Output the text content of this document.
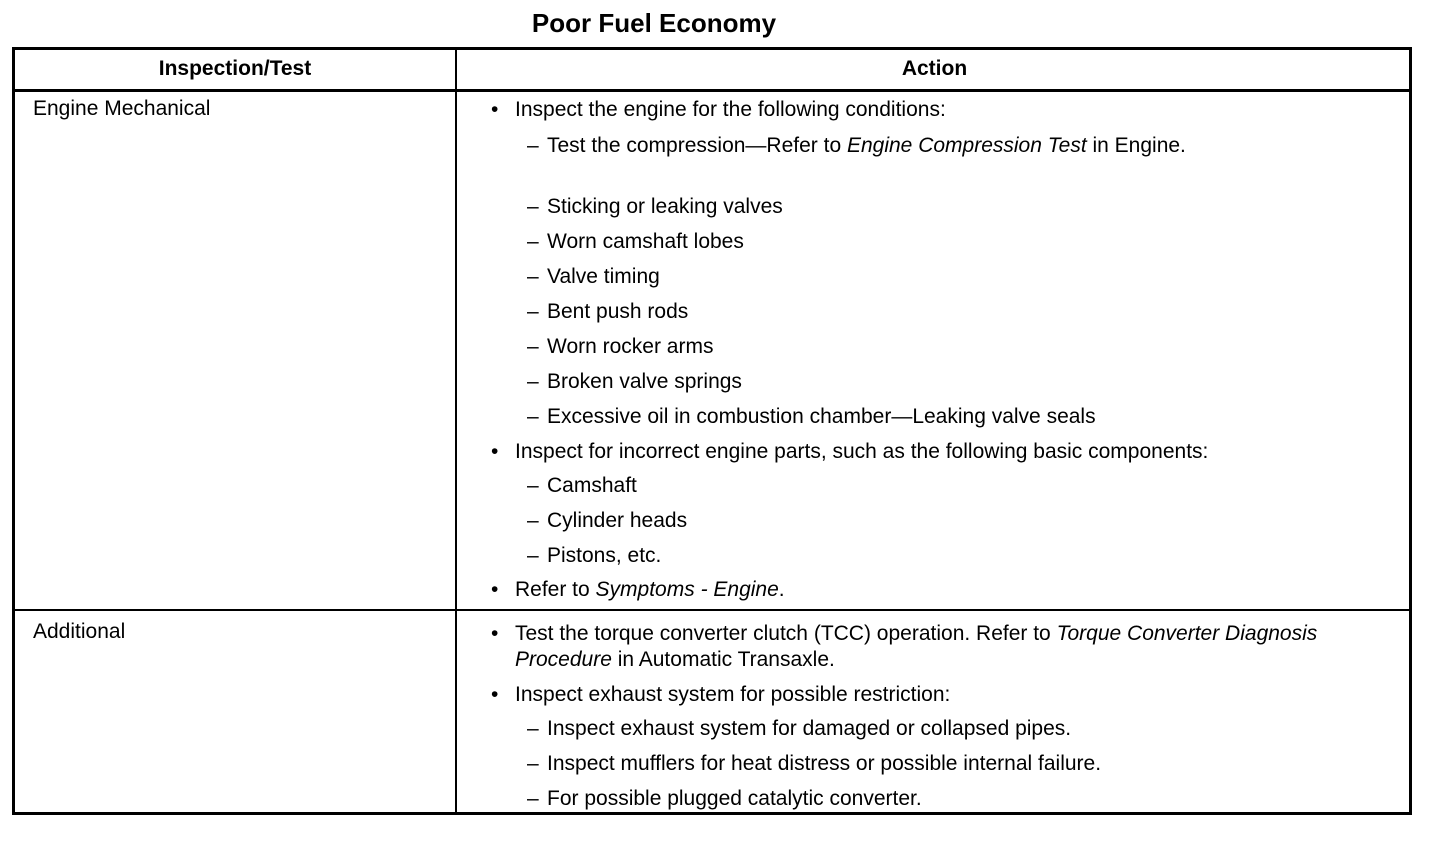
Poor Fuel Economy
Inspection/Test	Action
Engine Mechanical	• Inspect the engine for the following conditions:
– Test the compression—Refer to Engine Compression Test in Engine.
– Sticking or leaking valves
– Worn camshaft lobes
– Valve timing
– Bent push rods
– Worn rocker arms
– Broken valve springs
– Excessive oil in combustion chamber—Leaking valve seals
• Inspect for incorrect engine parts, such as the following basic components:
– Camshaft
– Cylinder heads
– Pistons, etc.
• Refer to Symptoms - Engine.
Additional	• Test the torque converter clutch (TCC) operation. Refer to Torque Converter Diagnosis Procedure in Automatic Transaxle.
• Inspect exhaust system for possible restriction:
– Inspect exhaust system for damaged or collapsed pipes.
– Inspect mufflers for heat distress or possible internal failure.
– For possible plugged catalytic converter.
